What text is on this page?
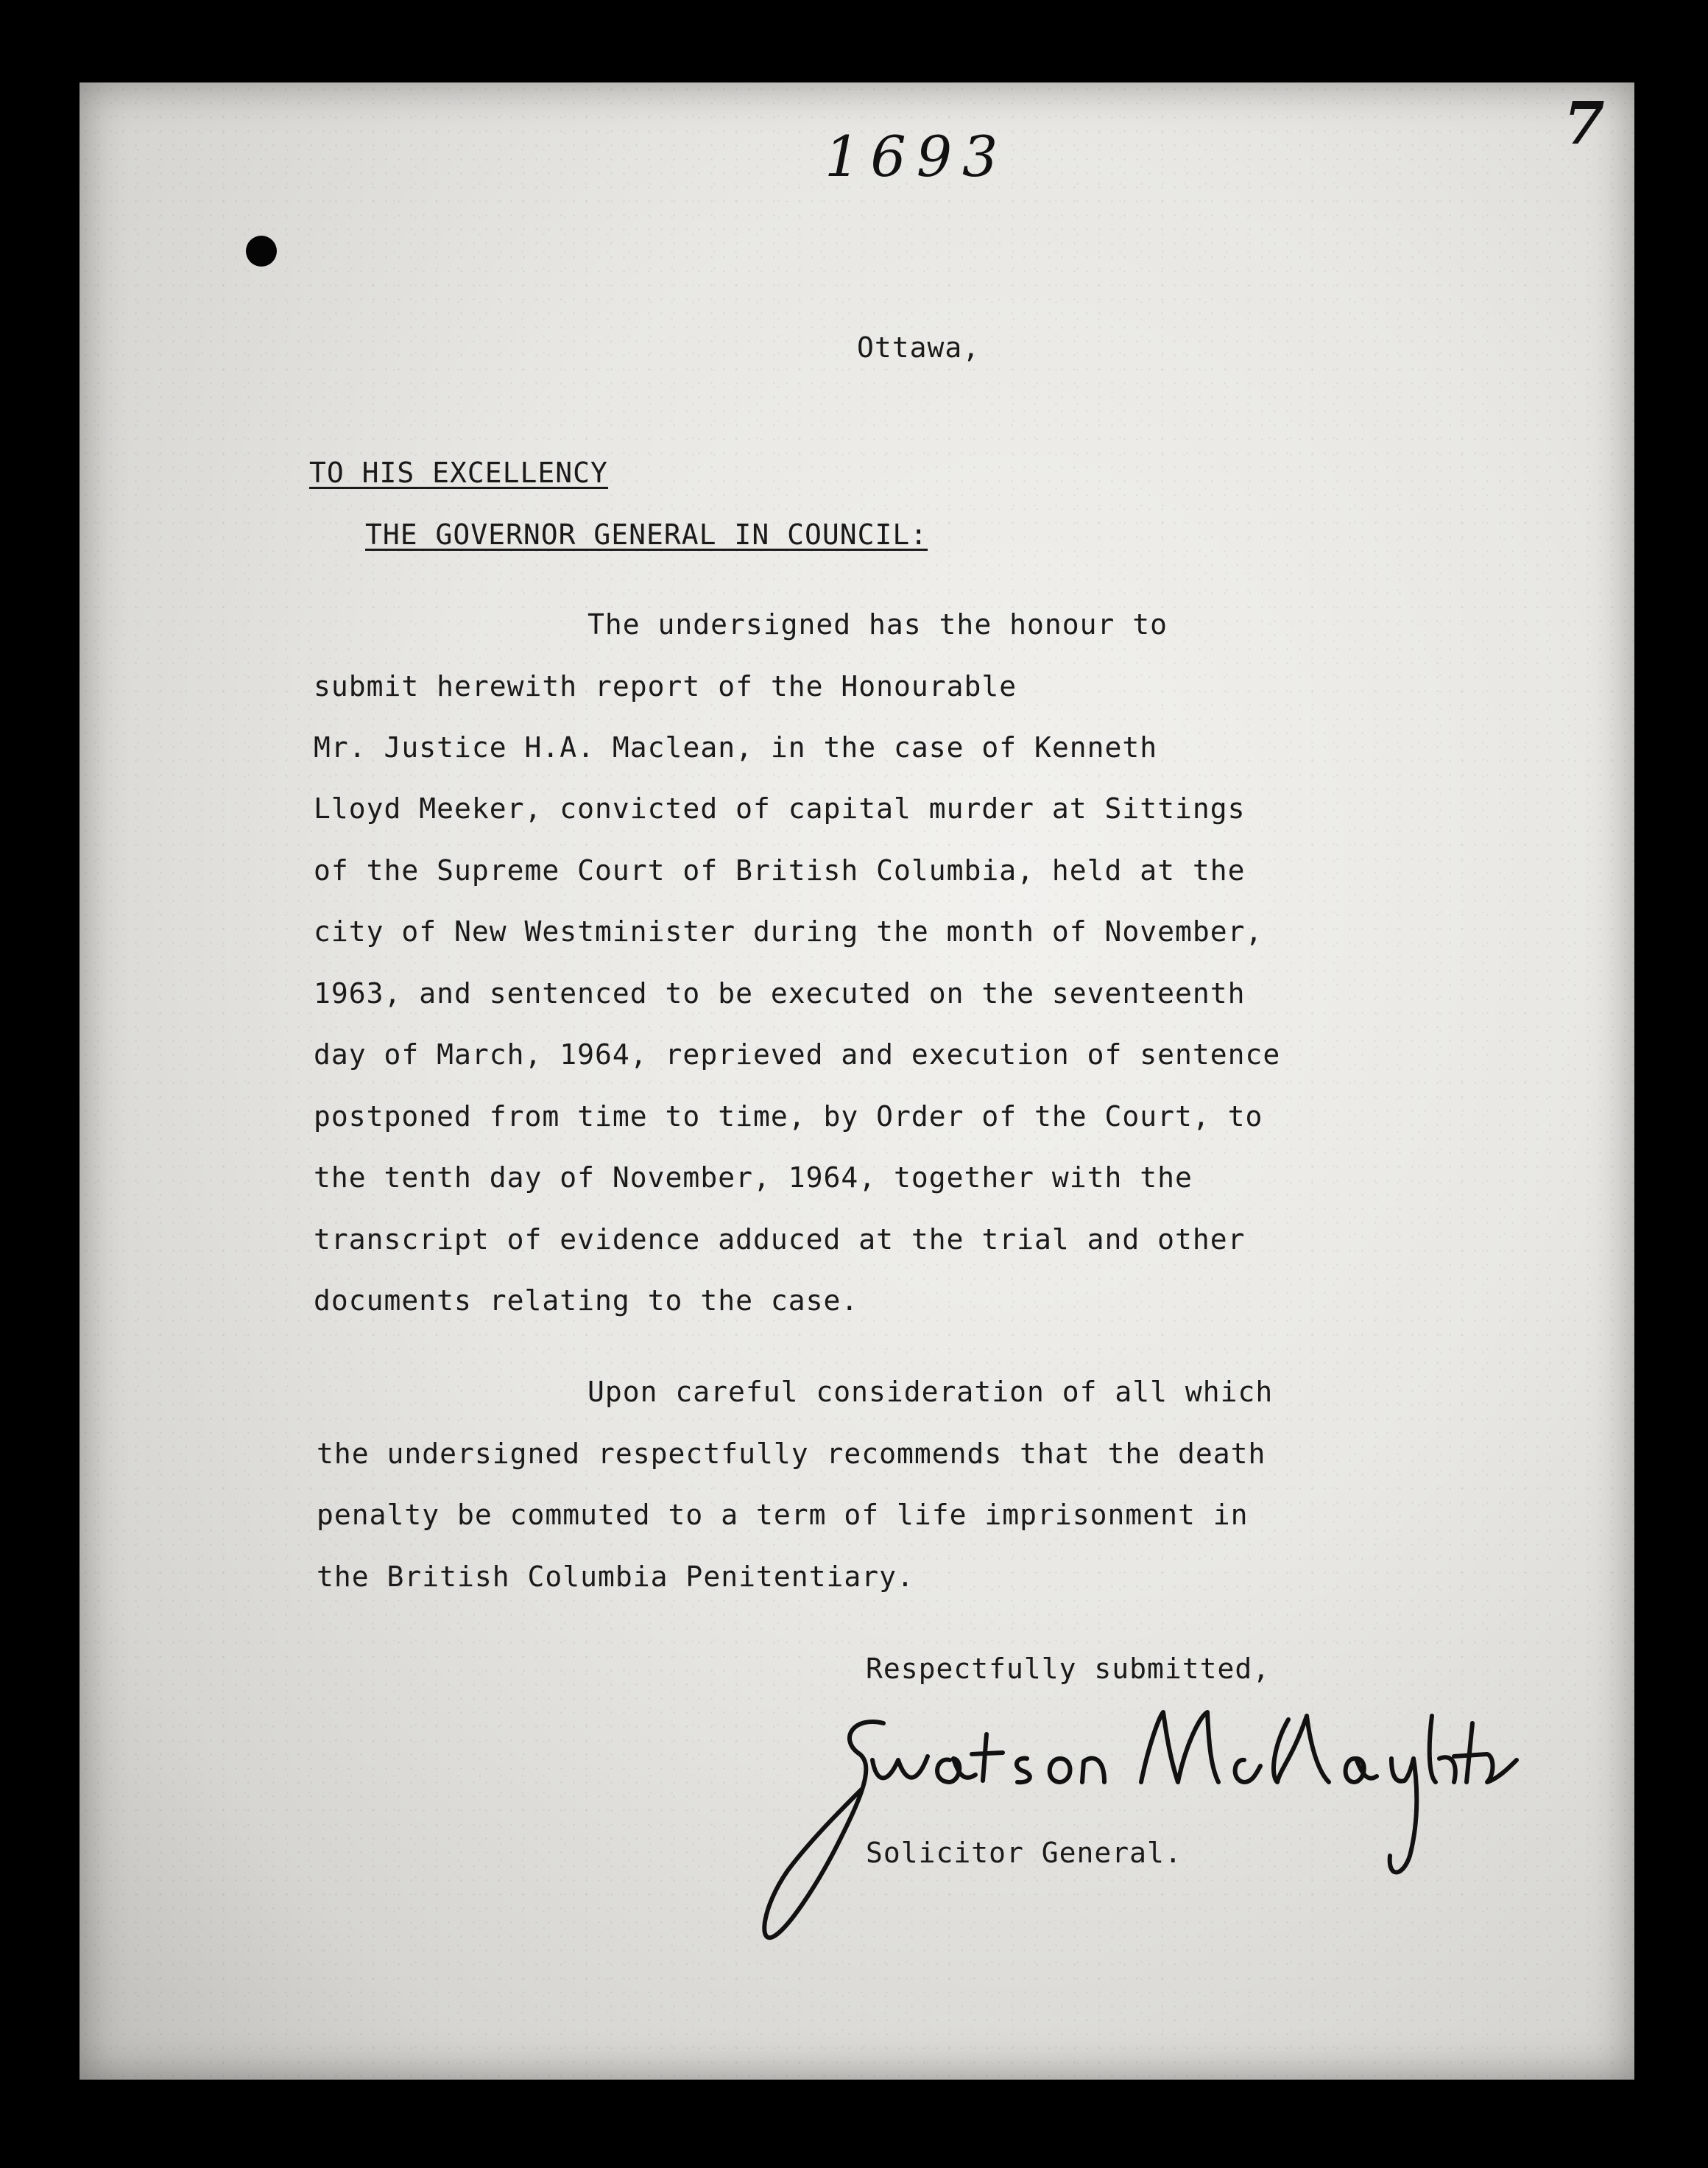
1693	7
Ottawa,
TO HIS EXCELLENCY
THE GOVERNOR GENERAL IN COUNCIL:
The undersigned has the honour to
submit herewith report of the Honourable
Mr. Justice H.A. Maclean, in the case of Kenneth
Lloyd Meeker, convicted of capital murder at Sittings
of the Supreme Court of British Columbia, held at the
city of New Westminister during the month of November,
1963, and sentenced to be executed on the seventeenth
day of March, 1964, reprieved and execution of sentence
postponed from time to time, by Order of the Court, to
the tenth day of November, 1964, together with the
transcript of evidence adduced at the trial and other
documents relating to the case.
Upon careful consideration of all which
the undersigned respectfully recommends that the death
penalty be commuted to a term of life imprisonment in
the British Columbia Penitentiary.
Respectfully submitted,
Solicitor General.
